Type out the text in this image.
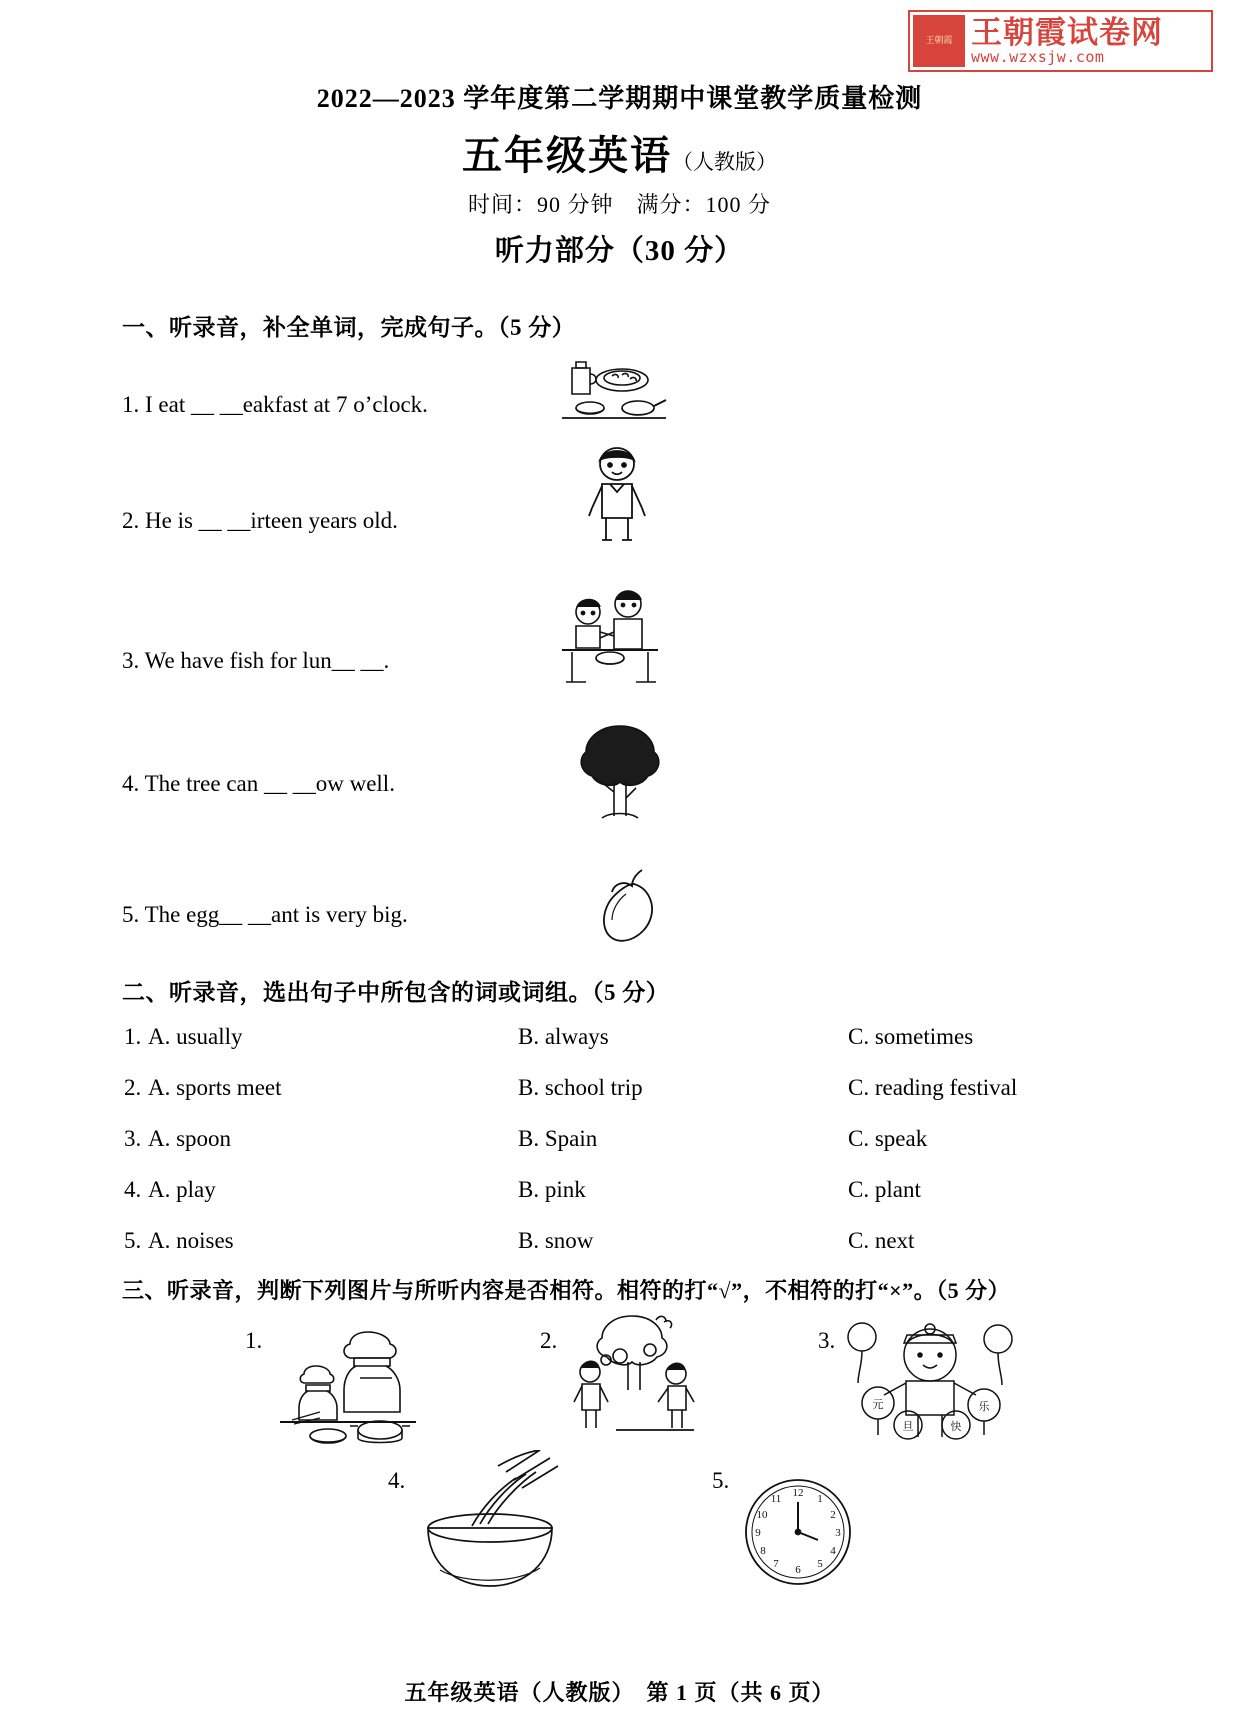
王朝霞 王朝霞试卷网
www.wzxsjw.com
2022—2023 学年度第二学期期中课堂教学质量检测
五年级英语（人教版）
时间：90 分钟　满分：100 分
听力部分（30 分）
一、听录音，补全单词，完成句子。（5 分）
1. I eat __ __eakfast at 7 o’clock.
2. He is __ __irteen years old.
3. We have fish for lun__ __.
4. The tree can __ __ow well.
5. The egg__ __ant is very big.
二、听录音，选出句子中所包含的词或词组。（5 分）
1. A. usually	B. always	C. sometimes
2. A. sports meet	B. school trip	C. reading festival
3. A. spoon	B. Spain	C. speak
4. A. play	B. pink	C. plant
5. A. noises	B. snow	C. next
三、听录音，判断下列图片与所听内容是否相符。相符的打“√”，不相符的打“×”。（5 分）
1.	2.	3.
元
旦	快
乐
4.	5.	12 1
2
3
4
5
6
7
8
9
10
11
五年级英语（人教版）　第 1 页（共 6 页）
